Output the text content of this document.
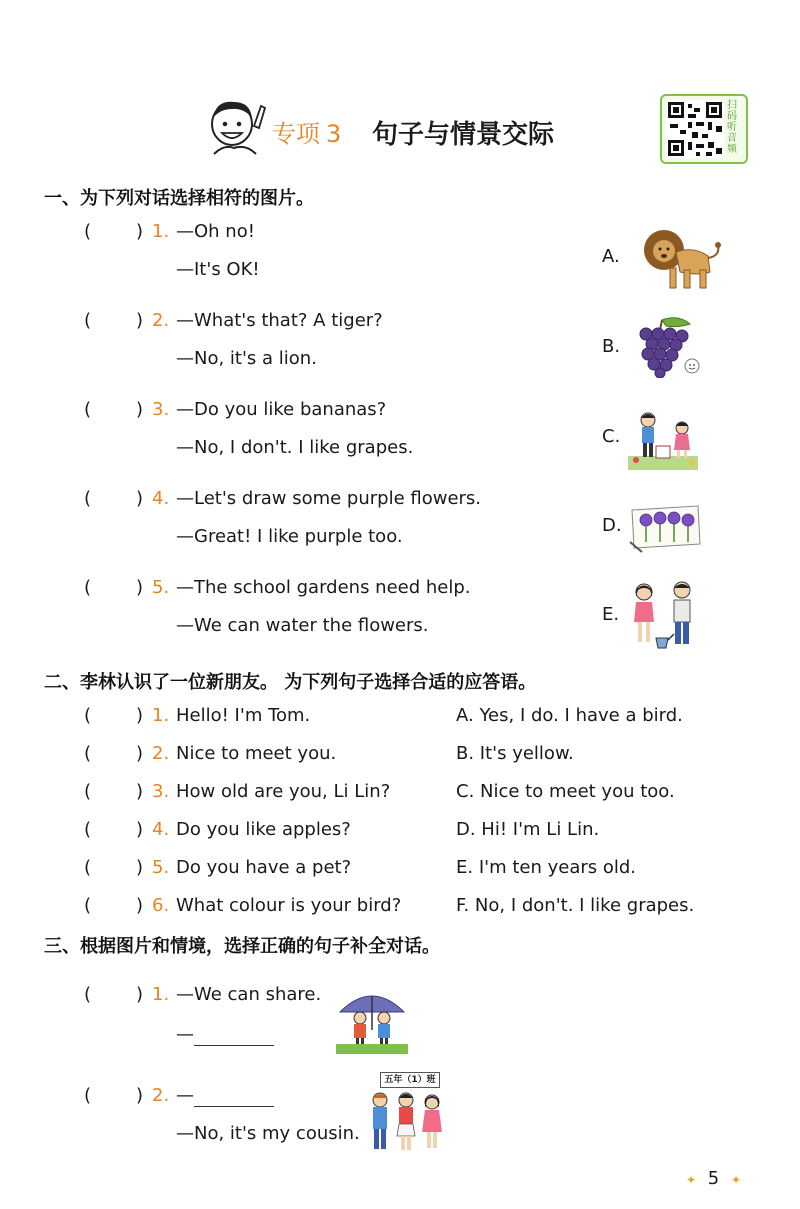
专项 3 句子与情景交际
扫码听音频
一、为下列对话选择相符的图片。
( ) 1. —Oh no!
—It's OK!
( ) 2. —What's that? A tiger?
—No, it's a lion.
( ) 3. —Do you like bananas?
—No, I don't. I like grapes.
( ) 4. —Let's draw some purple flowers.
—Great! I like purple too.
( ) 5. —The school gardens need help.
—We can water the flowers.
A.
B.
C.
D.
E.
二、李林认识了一位新朋友。 为下列句子选择合适的应答语。
( ) 1. Hello! I'm Tom.	A. Yes, I do. I have a bird.
( ) 2. Nice to meet you.	B. It's yellow.
( ) 3. How old are you, Li Lin?	C. Nice to meet you too.
( ) 4. Do you like apples?	D. Hi! I'm Li Lin.
( ) 5. Do you have a pet?	E. I'm ten years old.
( ) 6. What colour is your bird?	F. No, I don't. I like grapes.
三、根据图片和情境，选择正确的句子补全对话。
( ) 1. —We can share.
—
( ) 2. —
—No, it's my cousin.
五年（1）班
✦ 5 ✦
